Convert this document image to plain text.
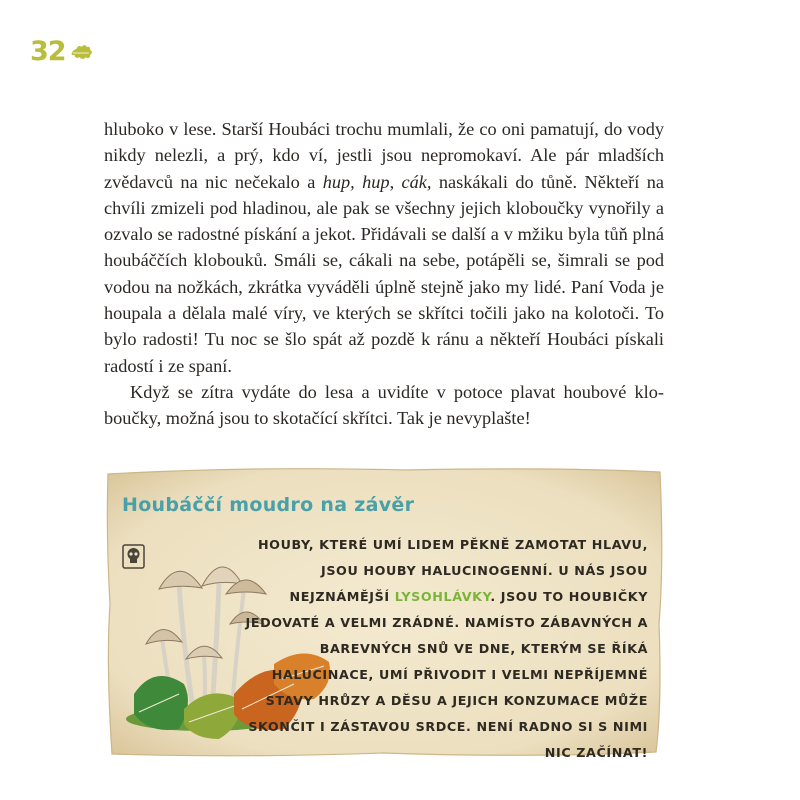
32

hluboko v lese. Starší Houbáci trochu mumlali, že co oni pamatují, do vody nikdy nelezli, a prý, kdo ví, jestli jsou nepromokaví. Ale pár mladších zvědavců na nic nečekalo a hup, hup, cák, naskákali do tůně. Někteří na chvíli zmizeli pod hladinou, ale pak se všechny jejich kloboučky vynořily a ozvalo se radostné pískání a jekot. Přidávali se další a v mžiku byla tůň plná houbáččích klobouků. Smáli se, cákali na sebe, potápěli se, šimrali se pod vodou na nožkách, zkrátka vyváděli úplně stejně jako my lidé. Paní Voda je houpala a dělala malé víry, ve kterých se skřítci točili jako na kolotoči. To bylo radosti! Tu noc se šlo spát až pozdě k ránu a někteří Houbáci pískali radostí i ze spaní.

Když se zítra vydáte do lesa a uvidíte v potoce plavat houbové kloboučky, možná jsou to skotačící skřítci. Tak je nevyplašte!

Houbáččí moudro na závěr
HOUBY, KTERÉ UMÍ LIDEM PĚKNĚ ZAMOTAT HLAVU, JSOU HOUBY HALUCINOGENNÍ. U NÁS JSOU NEJZNÁMĚJŠÍ LYSOHLÁVKY. JSOU TO HOUBIČKY JEDOVATÉ A VELMI ZRÁDNÉ. NAMÍSTO ZÁBAVNÝCH A BAREVNÝCH SNŮ VE DNE, KTERÝM SE ŘÍKÁ HALUCINACE, UMÍ PŘIVODIT I VELMI NEPŘÍJEMNÉ STAVY HRŮZY A DĚSU A JEJICH KONZUMACE MŮŽE SKONČIT I ZÁSTAVOU SRDCE. NENÍ RADNO SI S NIMI NIC ZAČÍNAT!
